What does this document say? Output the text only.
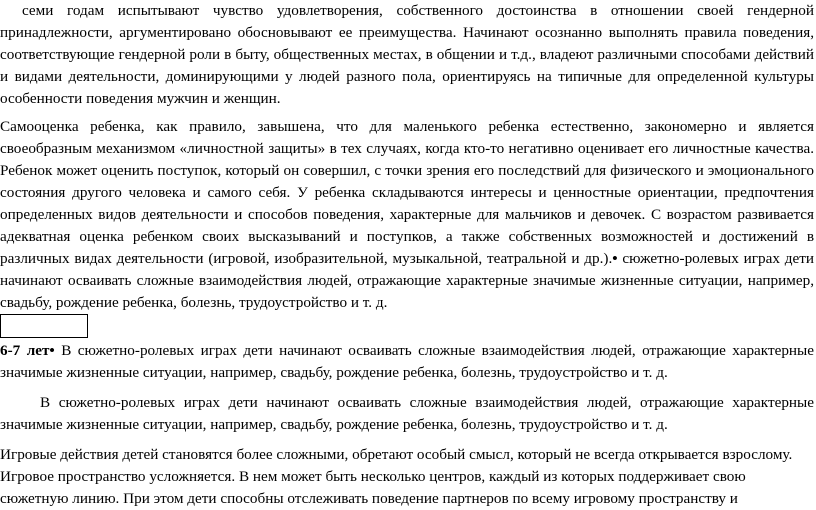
семи годам испытывают чувство удовлетворения, собственного достоинства в отношении своей гендерной принадлежности, аргументировано обосновывают ее преимущества. Начинают осознанно выполнять правила поведения, соответствующие гендерной роли в быту, общественных местах, в общении и т.д., владеют различными способами действий и видами деятельности, доминирующими у людей разного пола, ориентируясь на типичные для определенной культуры особенности поведения мужчин и женщин.

Самооценка ребенка, как правило, завышена, что для маленького ребенка естественно, закономерно и является своеобразным механизмом «личностной защиты» в тех случаях, когда кто-то негативно оценивает его личностные качества. Ребенок может оценить поступок, который он совершил, с точки зрения его последствий для физического и эмоционального состояния другого человека и самого себя. У ребенка складываются интересы и ценностные ориентации, предпочтения определенных видов деятельности и способов поведения, характерные для мальчиков и девочек. С возрастом развивается адекватная оценка ребенком своих высказываний и поступков, а также собственных возможностей и достижений в различных видах деятельности (игровой, изобразительной, музыкальной, театральной и др.).• сюжетно-ролевых играх дети начинают осваивать сложные взаимодействия людей, отражающие характерные значимые жизненные ситуации, например, свадьбу, рождение ребенка, болезнь, трудоустройство и т. д.

6-7 лет• В сюжетно-ролевых играх дети начинают осваивать сложные взаимодействия людей, отражающие характерные значимые жизненные ситуации, например, свадьбу, рождение ребенка, болезнь, трудоустройство и т. д.

В сюжетно-ролевых играх дети начинают осваивать сложные взаимодействия людей, отражающие характерные значимые жизненные ситуации, например, свадьбу, рождение ребенка, болезнь, трудоустройство и т. д.

Игровые действия детей становятся более сложными, обретают особый смысл, который не всегда открывается взрослому. Игровое пространство усложняется. В нем может быть несколько центров, каждый из которых поддерживает свою сюжетную линию. При этом дети способны отслеживать поведение партнеров по всему игровому пространству и
